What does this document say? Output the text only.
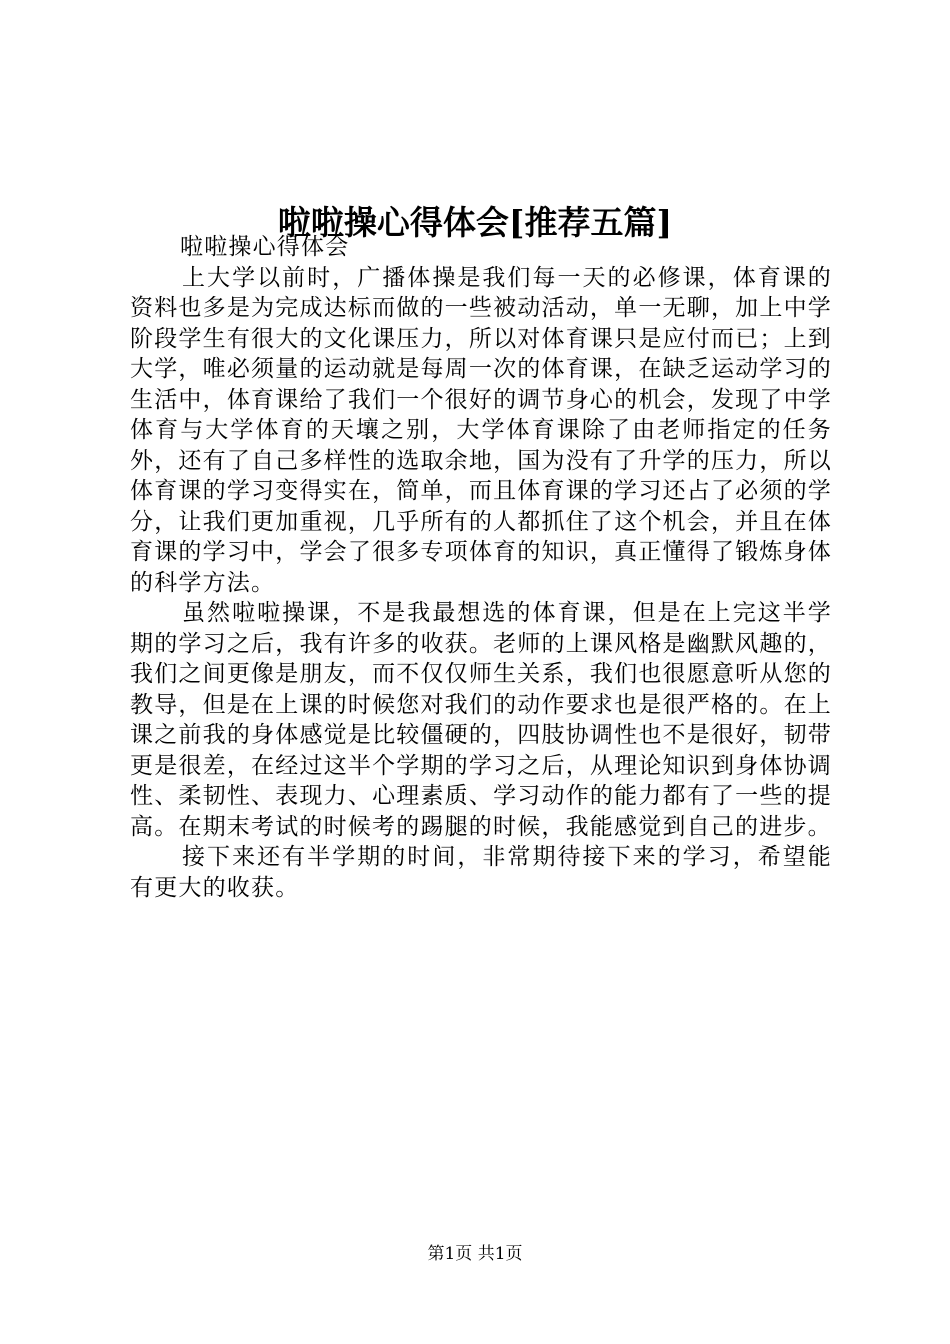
啦啦操心得体会[推荐五篇]

啦啦操心得体会

上大学以前时，广播体操是我们每一天的必修课，体育课的资料也多是为完成达标而做的一些被动活动，单一无聊，加上中学阶段学生有很大的文化课压力，所以对体育课只是应付而已；上到大学，唯必须量的运动就是每周一次的体育课，在缺乏运动学习的生活中，体育课给了我们一个很好的调节身心的机会，发现了中学体育与大学体育的天壤之别，大学体育课除了由老师指定的任务外，还有了自己多样性的选取余地，国为没有了升学的压力，所以体育课的学习变得实在，简单，而且体育课的学习还占了必须的学分，让我们更加重视，几乎所有的人都抓住了这个机会，并且在体育课的学习中，学会了很多专项体育的知识，真正懂得了锻炼身体的科学方法。

虽然啦啦操课，不是我最想选的体育课，但是在上完这半学期的学习之后，我有许多的收获。老师的上课风格是幽默风趣的，我们之间更像是朋友，而不仅仅师生关系，我们也很愿意听从您的教导，但是在上课的时候您对我们的动作要求也是很严格的。在上课之前我的身体感觉是比较僵硬的，四肢协调性也不是很好，韧带更是很差，在经过这半个学期的学习之后，从理论知识到身体协调性、柔韧性、表现力、心理素质、学习动作的能力都有了一些的提高。在期末考试的时候考的踢腿的时候，我能感觉到自己的进步。

接下来还有半学期的时间，非常期待接下来的学习，希望能有更大的收获。

第1页 共1页
